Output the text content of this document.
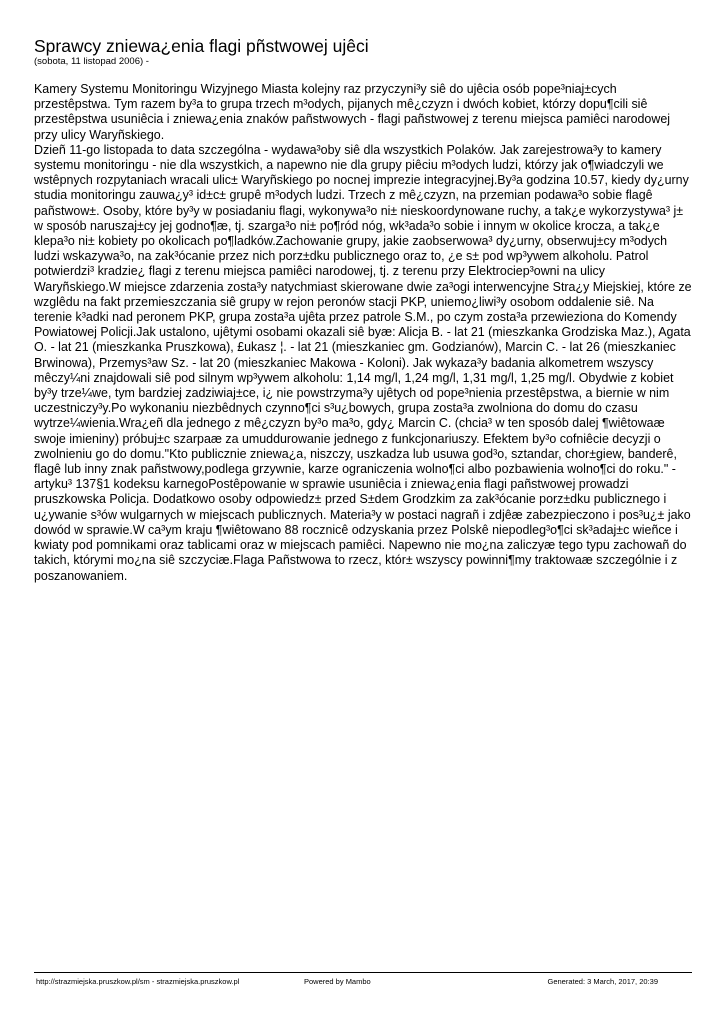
Sprawcy zniewa¿enia flagi pñstwowej ujêci

(sobota, 11 listopad 2006) -

Kamery Systemu Monitoringu Wizyjnego Miasta kolejny raz przyczyni³y siê do ujêcia osób pope³niaj±cych przestêpstwa. Tym razem by³a to grupa trzech m³odych, pijanych mê¿czyzn i dwóch kobiet, którzy dopu¶cili siê przestêpstwa usuniêcia i zniewa¿enia znaków pañstwowych - flagi pañstwowej z terenu miejsca pamiêci narodowej przy ulicy Waryñskiego.
Dzieñ 11-go listopada to data szczególna - wydawa³oby siê dla wszystkich Polaków. Jak zarejestrowa³y to kamery systemu monitoringu - nie dla wszystkich, a napewno nie dla grupy piêciu m³odych ludzi, którzy jak o¶wiadczyli we wstêpnych rozpytaniach wracali ulic± Waryñskiego po nocnej imprezie integracyjnej.By³a godzina 10.57, kiedy dy¿urny studia monitoringu zauwa¿y³ id±c± grupê m³odych ludzi. Trzech z mê¿czyzn, na przemian podawa³o sobie flagê pañstwow±. Osoby, które by³y w posiadaniu flagi, wykonywa³o ni± nieskoordynowane ruchy, a tak¿e wykorzystywa³ j± w sposób naruszaj±cy jej godno¶æ, tj. szarga³o ni± po¶ród nóg, wk³ada³o sobie i innym w okolice krocza, a tak¿e klepa³o ni± kobiety po okolicach po¶ladków.Zachowanie grupy, jakie zaobserwowa³ dy¿urny, obserwuj±cy m³odych ludzi wskazywa³o, na zak³ócanie przez nich porz±dku publicznego oraz to, ¿e s± pod wp³ywem alkoholu. Patrol potwierdzi³ kradzie¿ flagi z terenu miejsca pamiêci narodowej, tj. z terenu przy Elektrociep³owni na ulicy Waryñskiego.W miejsce zdarzenia zosta³y natychmiast skierowane dwie za³ogi interwencyjne Stra¿y Miejskiej, które ze wzglêdu na fakt przemieszczania siê grupy w rejon peronów stacji PKP, uniemo¿liwi³y osobom oddalenie siê. Na terenie k³adki nad peronem PKP, grupa zosta³a ujêta przez patrole S.M., po czym zosta³a przewieziona do Komendy Powiatowej Policji.Jak ustalono, ujêtymi osobami okazali siê byæ: Alicja B. - lat 21 (mieszkanka Grodziska Maz.), Agata O. - lat 21 (mieszkanka Pruszkowa), £ukasz ¦. - lat 21 (mieszkaniec gm. Godzianów), Marcin C. - lat 26 (mieszkaniec Brwinowa), Przemys³aw Sz. - lat 20 (mieszkaniec Makowa - Koloni). Jak wykaza³y badania alkometrem wszyscy mêczy¼ni znajdowali siê pod silnym wp³ywem alkoholu: 1,14 mg/l, 1,24 mg/l, 1,31 mg/l, 1,25 mg/l. Obydwie z kobiet by³y trze¼we, tym bardziej zadziwiaj±ce, i¿ nie powstrzyma³y ujêtych od pope³nienia przestêpstwa, a biernie w nim uczestniczy³y.Po wykonaniu niezbêdnych czynno¶ci s³u¿bowych, grupa zosta³a zwolniona do domu do czasu wytrze¼wienia.Wra¿eñ dla jednego z mê¿czyzn by³o ma³o, gdy¿ Marcin C. (chcia³ w ten sposób dalej ¶wiêtowaæ swoje imieniny) próbuj±c szarpaæ za umuddurowanie jednego z funkcjonariuszy. Efektem by³o cofniêcie decyzji o zwolnieniu go do domu."Kto publicznie zniewa¿a, niszczy, uszkadza lub usuwa god³o, sztandar, chor±giew, banderê, flagê lub inny znak pañstwowy,podlega grzywnie, karze ograniczenia wolno¶ci albo pozbawienia wolno¶ci do roku." - artyku³ 137§1 kodeksu karnegoPostêpowanie w sprawie usuniêcia i zniewa¿enia flagi pañstwowej prowadzi pruszkowska Policja. Dodatkowo osoby odpowiedz± przed S±dem Grodzkim za zak³ócanie porz±dku publicznego i u¿ywanie s³ów wulgarnych w miejscach publicznych. Materia³y w postaci nagrañ i zdjêæ zabezpieczono i pos³u¿± jako dowód w sprawie.W ca³ym kraju ¶wiêtowano 88 rocznicê odzyskania przez Polskê niepodleg³o¶ci sk³adaj±c wieñce i kwiaty pod pomnikami oraz tablicami oraz w miejscach pamiêci. Napewno nie mo¿na zaliczyæ tego typu zachowañ do takich, którymi mo¿na siê szczyciæ.Flaga Pañstwowa to rzecz, któr± wszyscy powinni¶my traktowaæ szczególnie i z poszanowaniem.

http://strazmiejska.pruszkow.pl/sm - strazmiejska.pruszkow.pl	Powered by Mambo	Generated: 3 March, 2017, 20:39
